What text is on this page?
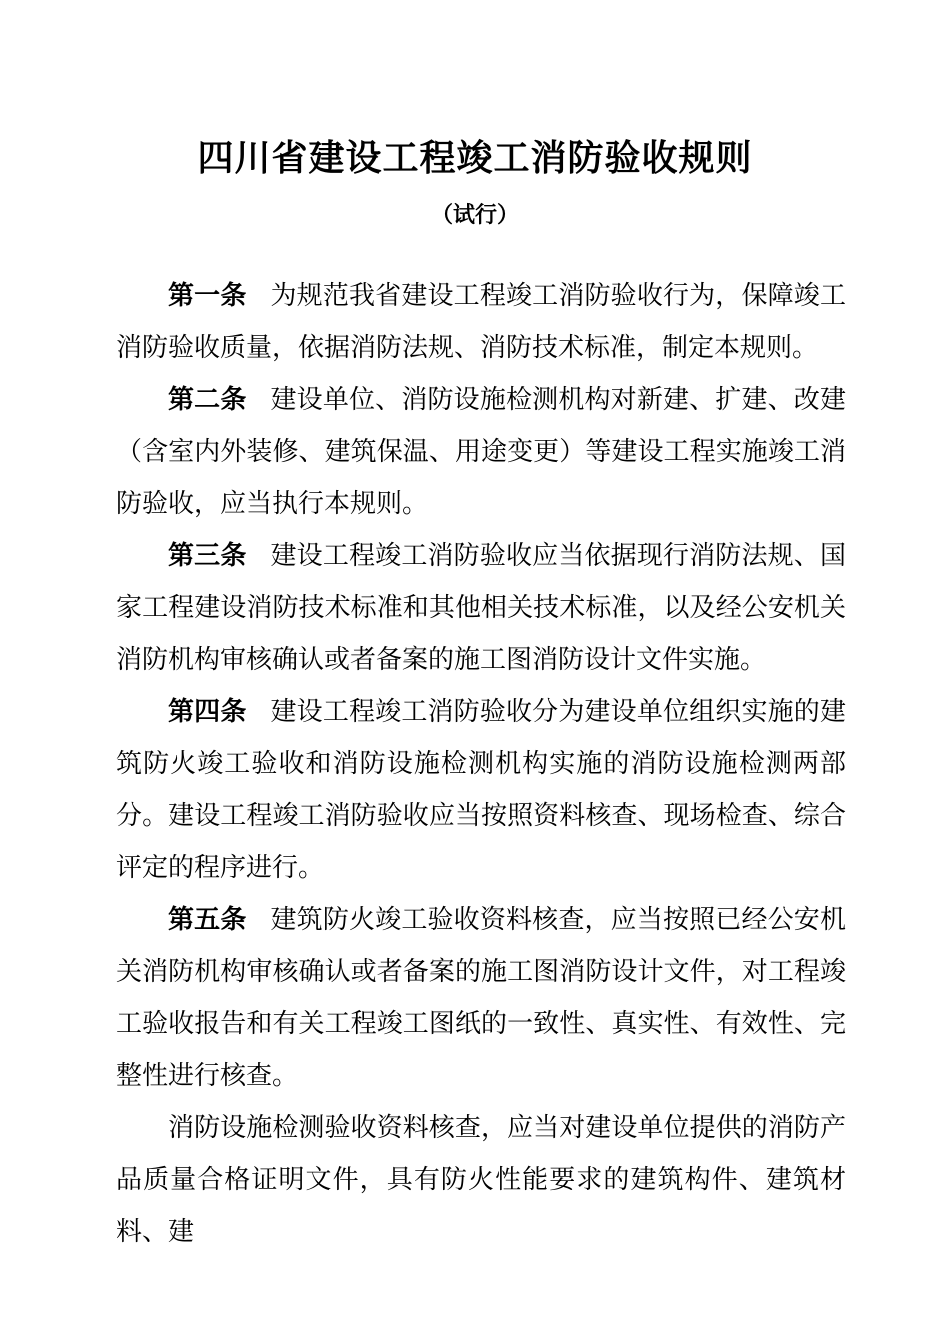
四川省建设工程竣工消防验收规则
（试行）

第一条 为规范我省建设工程竣工消防验收行为，保障竣工消防验收质量，依据消防法规、消防技术标准，制定本规则。

第二条 建设单位、消防设施检测机构对新建、扩建、改建（含室内外装修、建筑保温、用途变更）等建设工程实施竣工消防验收，应当执行本规则。

第三条 建设工程竣工消防验收应当依据现行消防法规、国家工程建设消防技术标准和其他相关技术标准，以及经公安机关消防机构审核确认或者备案的施工图消防设计文件实施。

第四条 建设工程竣工消防验收分为建设单位组织实施的建筑防火竣工验收和消防设施检测机构实施的消防设施检测两部分。建设工程竣工消防验收应当按照资料核查、现场检查、综合评定的程序进行。

第五条 建筑防火竣工验收资料核查，应当按照已经公安机关消防机构审核确认或者备案的施工图消防设计文件，对工程竣工验收报告和有关工程竣工图纸的一致性、真实性、有效性、完整性进行核查。

消防设施检测验收资料核查，应当对建设单位提供的消防产品质量合格证明文件，具有防火性能要求的建筑构件、建筑材料、建
